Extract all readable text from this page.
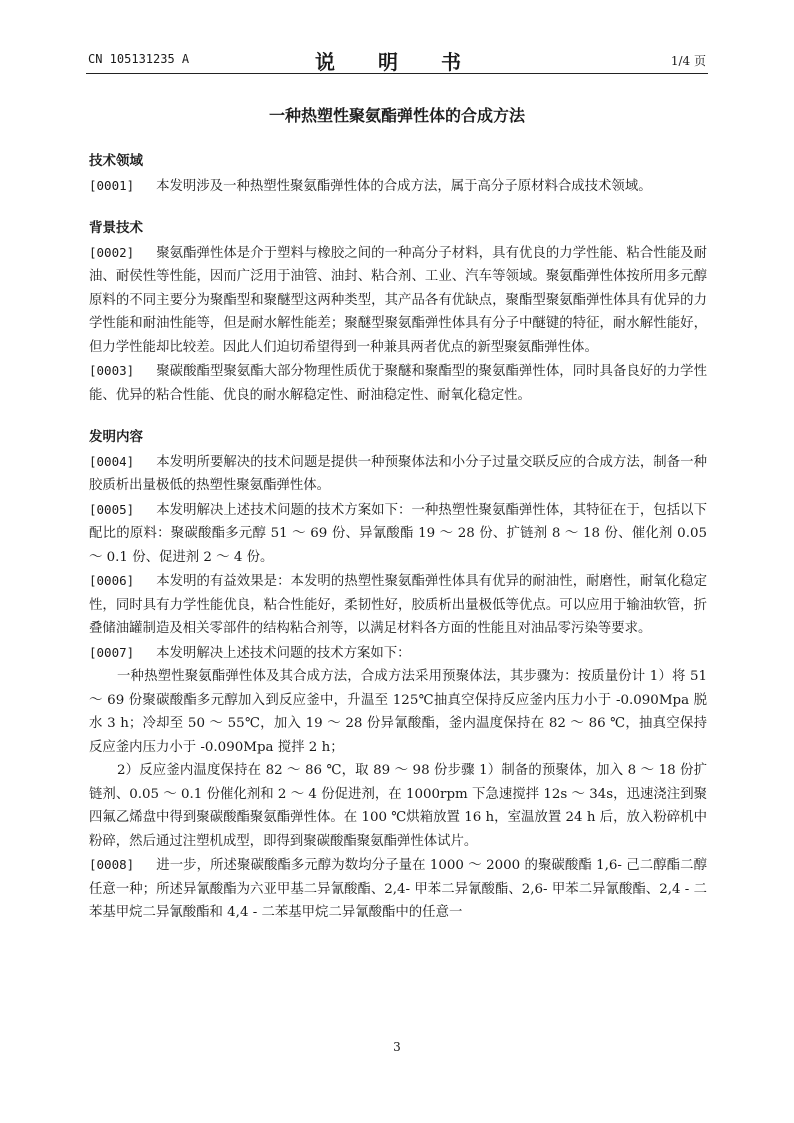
CN 105131235 A	说 明 书	1/4 页
一种热塑性聚氨酯弹性体的合成方法
技术领域
[0001] 本发明涉及一种热塑性聚氨酯弹性体的合成方法，属于高分子原材料合成技术领域。
背景技术
[0002] 聚氨酯弹性体是介于塑料与橡胶之间的一种高分子材料，具有优良的力学性能、粘合性能及耐油、耐侯性等性能，因而广泛用于油管、油封、粘合剂、工业、汽车等领域。聚氨酯弹性体按所用多元醇原料的不同主要分为聚酯型和聚醚型这两种类型，其产品各有优缺点，聚酯型聚氨酯弹性体具有优异的力学性能和耐油性能等，但是耐水解性能差；聚醚型聚氨酯弹性体具有分子中醚键的特征，耐水解性能好，但力学性能却比较差。因此人们迫切希望得到一种兼具两者优点的新型聚氨酯弹性体。
[0003] 聚碳酸酯型聚氨酯大部分物理性质优于聚醚和聚酯型的聚氨酯弹性体，同时具备良好的力学性能、优异的粘合性能、优良的耐水解稳定性、耐油稳定性、耐氧化稳定性。
发明内容
[0004] 本发明所要解决的技术问题是提供一种预聚体法和小分子过量交联反应的合成方法，制备一种胶质析出量极低的热塑性聚氨酯弹性体。
[0005] 本发明解决上述技术问题的技术方案如下：一种热塑性聚氨酯弹性体，其特征在于，包括以下配比的原料：聚碳酸酯多元醇 51 ～ 69 份、异氰酸酯 19 ～ 28 份、扩链剂 8 ～ 18 份、催化剂 0.05 ～ 0.1 份、促进剂 2 ～ 4 份。
[0006] 本发明的有益效果是：本发明的热塑性聚氨酯弹性体具有优异的耐油性，耐磨性，耐氧化稳定性，同时具有力学性能优良，粘合性能好，柔韧性好，胶质析出量极低等优点。可以应用于输油软管，折叠储油罐制造及相关零部件的结构粘合剂等，以满足材料各方面的性能且对油品零污染等要求。
[0007] 本发明解决上述技术问题的技术方案如下：
一种热塑性聚氨酯弹性体及其合成方法，合成方法采用预聚体法，其步骤为：按质量份计 1）将 51 ～ 69 份聚碳酸酯多元醇加入到反应釜中，升温至 125℃抽真空保持反应釜内压力小于 -0.090Mpa 脱水 3 h；冷却至 50 ～ 55℃，加入 19 ～ 28 份异氰酸酯，釜内温度保持在 82 ～ 86 ℃，抽真空保持反应釜内压力小于 -0.090Mpa 搅拌 2 h；
2）反应釜内温度保持在 82 ～ 86 ℃，取 89 ～ 98 份步骤 1）制备的预聚体，加入 8 ～ 18 份扩链剂、0.05 ～ 0.1 份催化剂和 2 ～ 4 份促进剂，在 1000rpm 下急速搅拌 12s ～ 34s，迅速浇注到聚四氟乙烯盘中得到聚碳酸酯聚氨酯弹性体。在 100 ℃烘箱放置 16 h，室温放置 24 h 后，放入粉碎机中粉碎，然后通过注塑机成型，即得到聚碳酸酯聚氨酯弹性体试片。
[0008] 进一步，所述聚碳酸酯多元醇为数均分子量在 1000 ～ 2000 的聚碳酸酯 1,6- 己二醇酯二醇任意一种；所述异氰酸酯为六亚甲基二异氰酸酯、2,4- 甲苯二异氰酸酯、2,6- 甲苯二异氰酸酯、2,4 - 二苯基甲烷二异氰酸酯和 4,4 - 二苯基甲烷二异氰酸酯中的任意一
3
